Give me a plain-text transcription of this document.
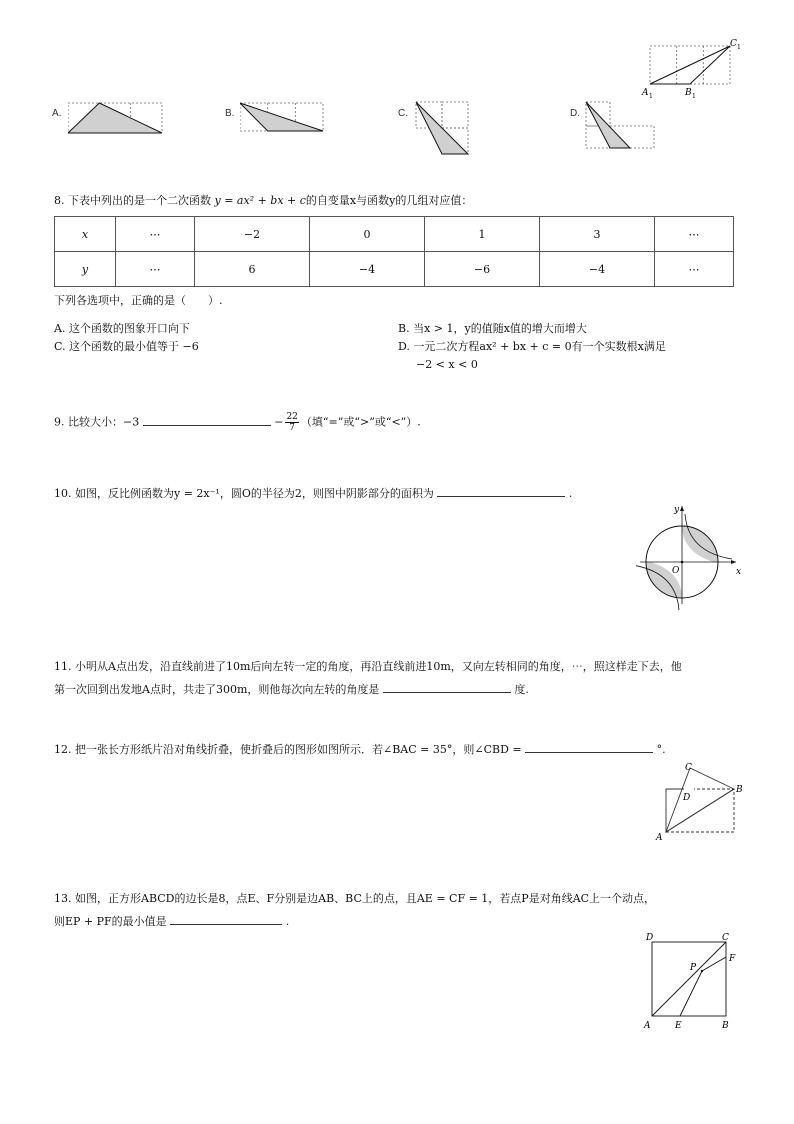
C 1
A 1	B 1
A.	B.	C.	D.
8. 下表中列出的是一个二次函数 y = ax² + bx + c的自变量x与函数y的几组对应值：
x	⋯	−2	0	1	3	⋯
y	⋯	6	−4	−6	−4	⋯
下列各选项中，正确的是（　　）.
A. 这个函数的图象开口向下	B. 当x > 1，y的值随x值的增大而增大
C. 这个函数的最小值等于 −6	D. 一元二次方程ax² + bx + c = 0有一个实数根x满足
−2 < x < 0
9. 比较大小：−3	− $\frac{22}{7}$ （填“=”或“>”或“<”）.
10. 如图，反比例函数为y = 2x⁻¹，圆O的半径为2，则图中阴影部分的面积为	.
y
x
O
11. 小明从A点出发，沿直线前进了10m后向左转一定的角度，再沿直线前进10m，又向左转相同的角度，⋯，照这样走下去，他
第一次回到出发地A点时，共走了300m，则他每次向左转的角度是	度.
12. 把一张长方形纸片沿对角线折叠，使折叠后的图形如图所示．若∠BAC = 35°，则∠CBD =	°.
C
B
D
A
13. 如图，正方形ABCD的边长是8，点E、F分别是边AB、BC上的点，且AE = CF = 1，若点P是对角线AC上一个动点，
则EP + PF的最小值是	.
D	C
F
P
A	E	B
